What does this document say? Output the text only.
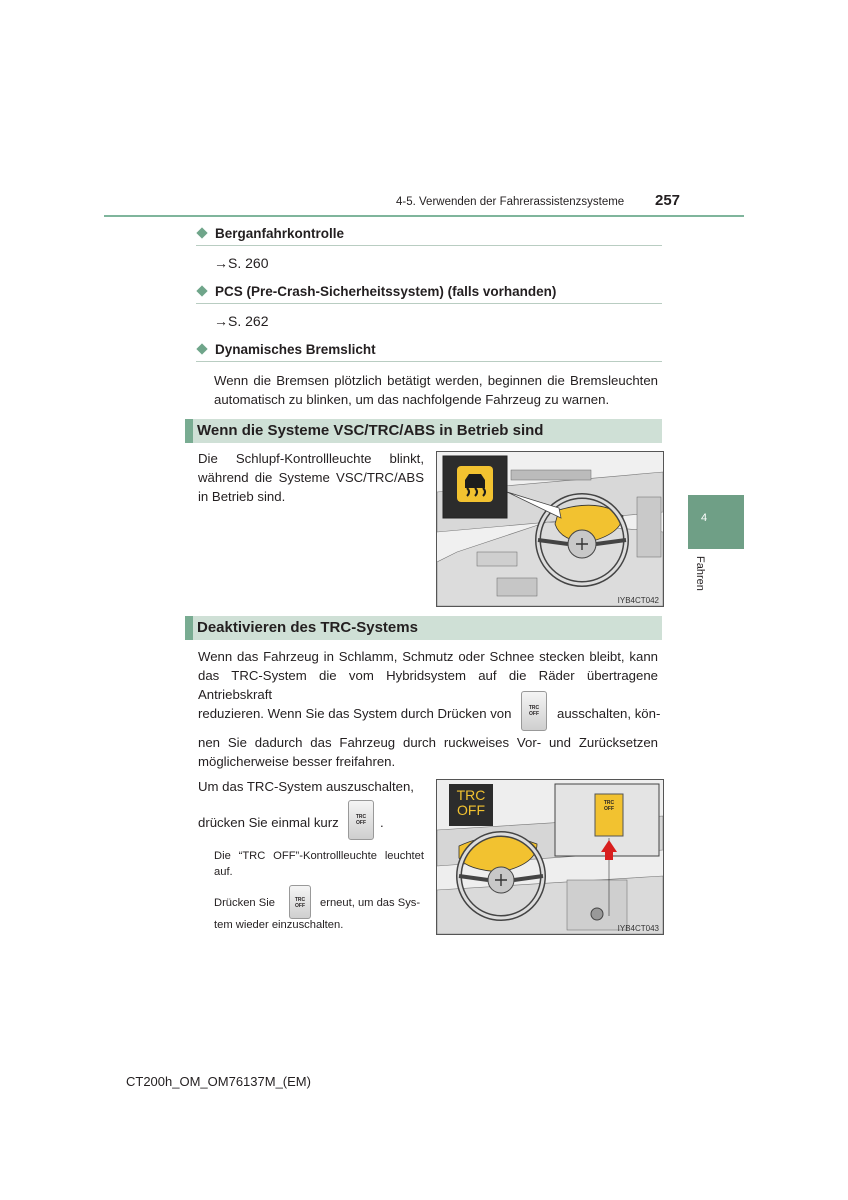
4-5. Verwenden der Fahrerassistenzsysteme 257
4
Fahren
Berganfahrkontrolle
→S. 260
PCS (Pre-Crash-Sicherheitssystem) (falls vorhanden)
→S. 262
Dynamisches Bremslicht
Wenn die Bremsen plötzlich betätigt werden, beginnen die Bremsleuchten automatisch zu blinken, um das nachfolgende Fahrzeug zu warnen.
Wenn die Systeme VSC/TRC/ABS in Betrieb sind
Die Schlupf-Kontrollleuchte blinkt, während die Systeme VSC/TRC/ABS in Betrieb sind.
IYB4CT042
Deaktivieren des TRC-Systems
Wenn das Fahrzeug in Schlamm, Schmutz oder Schnee stecken bleibt, kann das TRC-System die vom Hybridsystem auf die Räder übertragene Antriebskraft
reduzieren. Wenn Sie das System durch Drücken von	TRC
OFF	ausschalten, kön-
nen Sie dadurch das Fahrzeug durch ruckweises Vor- und Zurücksetzen möglicherweise besser freifahren.
Um das TRC-System auszuschalten,
drücken Sie einmal kurz	TRC
OFF	.
Die “TRC OFF”-Kontrollleuchte leuchtet auf.
Drücken Sie	TRC
OFF	erneut, um das Sys-
tem wieder einzuschalten.
TRC
OFF	TRC
OFF
IYB4CT043
CT200h_OM_OM76137M_(EM)
